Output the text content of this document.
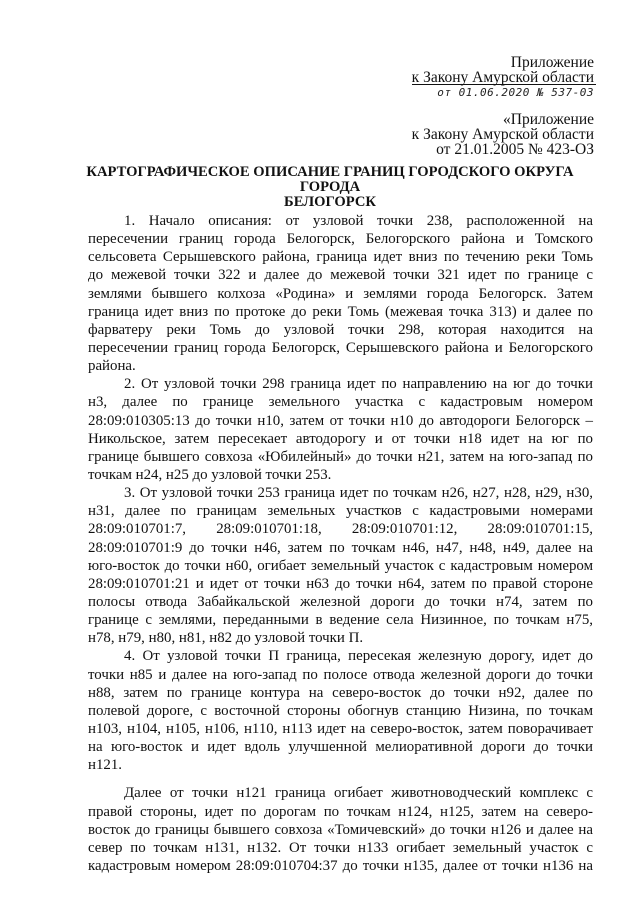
Приложение
к Закону Амурской области
от 01.06.2020 № 537-03
«Приложение
к Закону Амурской области
от 21.01.2005 № 423-ОЗ
КАРТОГРАФИЧЕСКОЕ ОПИСАНИЕ ГРАНИЦ ГОРОДСКОГО ОКРУГА ГОРОДА
БЕЛОГОРСК
1. Начало описания: от узловой точки 238, расположенной на
пересечении границ города Белогорск, Белогорского района и Томского
сельсовета Серышевского района, граница идет вниз по течению реки Томь
до межевой точки 322 и далее до межевой точки 321 идет по границе с
землями бывшего колхоза «Родина» и землями города Белогорск. Затем
граница идет вниз по протоке до реки Томь (межевая точка 313) и далее по
фарватеру реки Томь до узловой точки 298, которая находится на
пересечении границ города Белогорск, Серышевского района и Белогорского
района.
2. От узловой точки 298 граница идет по направлению на юг до точки
н3, далее по границе земельного участка с кадастровым номером
28:09:010305:13 до точки н10, затем от точки н10 до автодороги Белогорск –
Никольское, затем пересекает автодорогу и от точки н18 идет на юг по
границе бывшего совхоза «Юбилейный» до точки н21, затем на юго-запад по
точкам н24, н25 до узловой точки 253.
3. От узловой точки 253 граница идет по точкам н26, н27, н28, н29, н30,
н31, далее по границам земельных участков с кадастровыми номерами
28:09:010701:7,      28:09:010701:18,      28:09:010701:12,      28:09:010701:15,
28:09:010701:9 до точки н46, затем по точкам н46, н47, н48, н49, далее на
юго-восток до точки н60, огибает земельный участок с кадастровым номером
28:09:010701:21 и идет от точки н63 до точки н64, затем по правой стороне
полосы отвода Забайкальской железной дороги до точки н74, затем по
границе с землями, переданными в ведение села Низинное, по точкам н75,
н78, н79, н80, н81, н82 до узловой точки П.
4. От узловой точки П граница, пересекая железную дорогу, идет до
точки н85 и далее на юго-запад по полосе отвода железной дороги до точки
н88, затем по границе контура на северо-восток до точки н92, далее по
полевой дороге, с восточной стороны обогнув станцию Низина, по точкам
н103, н104, н105, н106, н110, н113 идет на северо-восток, затем поворачивает
на юго-восток и идет вдоль улучшенной мелиоративной дороги до точки
н121.
Далее от точки н121 граница огибает животноводческий комплекс с
правой стороны, идет по дорогам по точкам н124, н125, затем на северо-
восток до границы бывшего совхоза «Томичевский» до точки н126 и далее на
север по точкам н131, н132. От точки н133 огибает земельный участок с
кадастровым номером 28:09:010704:37 до точки н135, далее от точки н136 на
